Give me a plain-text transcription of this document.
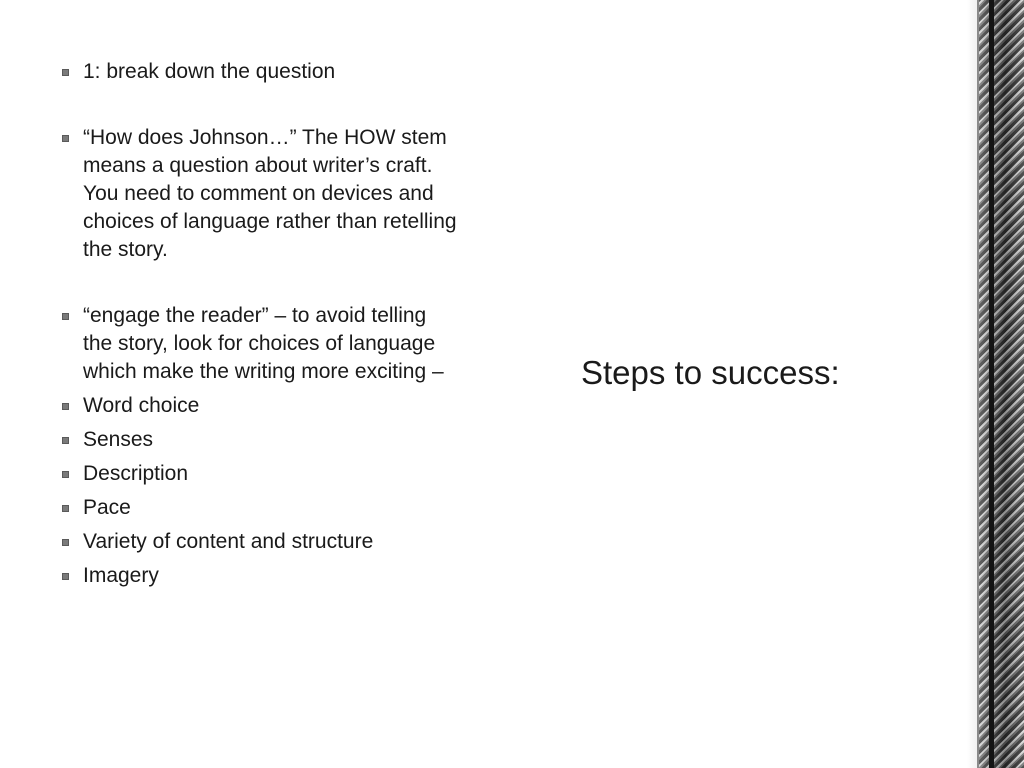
1: break down the question
“How does Johnson…” The HOW stem means a question about writer’s craft. You need to comment on devices and choices of language rather than retelling the story.
“engage the reader” – to avoid telling the story, look for choices of language which make the writing more exciting –
Word choice
Senses
Description
Pace
Variety of content and structure
Imagery
Steps to success:
